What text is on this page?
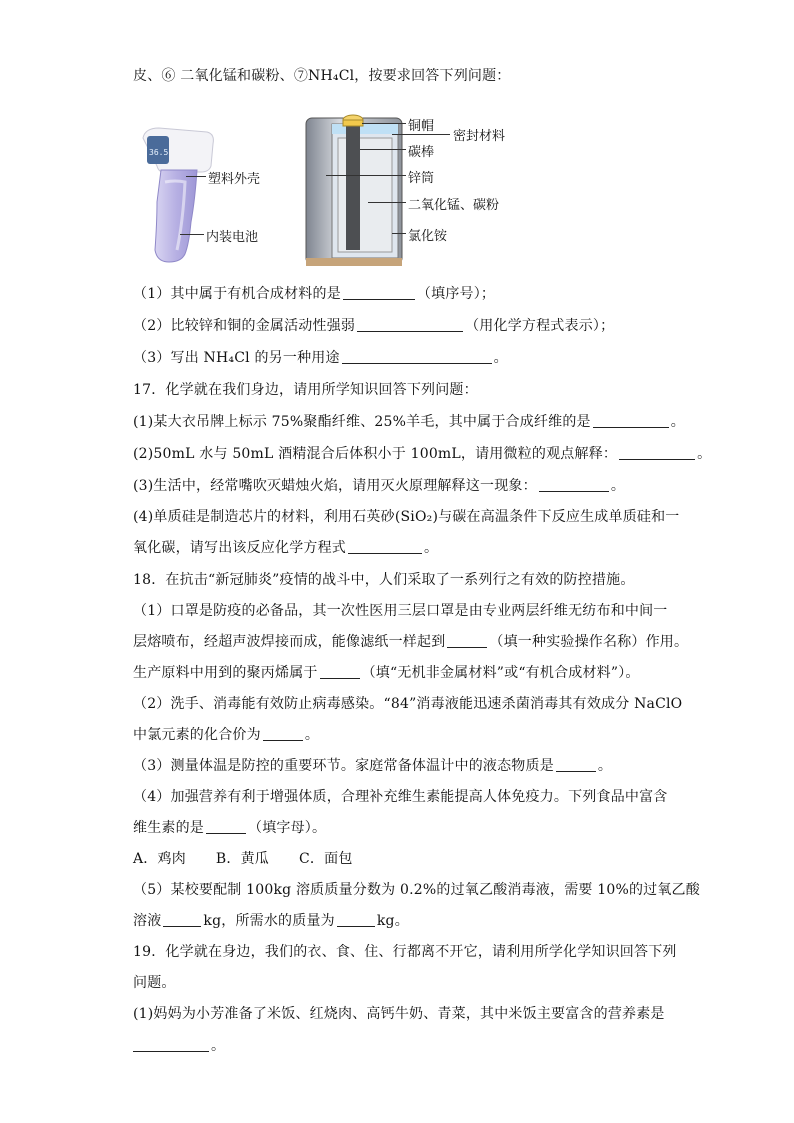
皮、⑥ 二氧化锰和碳粉、⑦NH₄Cl，按要求回答下列问题：
36.5
塑料外壳
内装电池
铜帽
密封材料
碳棒
锌筒
二氧化锰、碳粉
氯化铵
（1）其中属于有机合成材料的是	（填序号）；
（2）比较锌和铜的金属活动性强弱	（用化学方程式表示）；
（3）写出 NH₄Cl 的另一种用途	。
17．化学就在我们身边，请用所学知识回答下列问题：
(1)某大衣吊牌上标示 75%聚酯纤维、25%羊毛，其中属于合成纤维的是	。
(2)50mL 水与 50mL 酒精混合后体积小于 100mL，请用微粒的观点解释：	。
(3)生活中，经常嘴吹灭蜡烛火焰，请用灭火原理解释这一现象：	。
(4)单质硅是制造芯片的材料，利用石英砂(SiO₂)与碳在高温条件下反应生成单质硅和一
氧化碳，请写出该反应化学方程式	。
18．在抗击“新冠肺炎”疫情的战斗中，人们采取了一系列行之有效的防控措施。
（1）口罩是防疫的必备品，其一次性医用三层口罩是由专业两层纤维无纺布和中间一
层熔喷布，经超声波焊接而成，能像滤纸一样起到	（填一种实验操作名称）作用。
生产原料中用到的聚丙烯属于	（填“无机非金属材料”或“有机合成材料”）。
（2）洗手、消毒能有效防止病毒感染。“84”消毒液能迅速杀菌消毒其有效成分 NaClO
中氯元素的化合价为	。
（3）测量体温是防控的重要环节。家庭常备体温计中的液态物质是	。
（4）加强营养有利于增强体质，合理补充维生素能提高人体免疫力。下列食品中富含
维生素的是	（填字母）。
A．鸡肉 B．黄瓜 C．面包
（5）某校要配制 100kg 溶质质量分数为 0.2%的过氧乙酸消毒液，需要 10%的过氧乙酸
溶液	kg，所需水的质量为	kg。
19．化学就在身边，我们的衣、食、住、行都离不开它，请利用所学化学知识回答下列
问题。
(1)妈妈为小芳准备了米饭、红烧肉、高钙牛奶、青菜，其中米饭主要富含的营养素是
。
